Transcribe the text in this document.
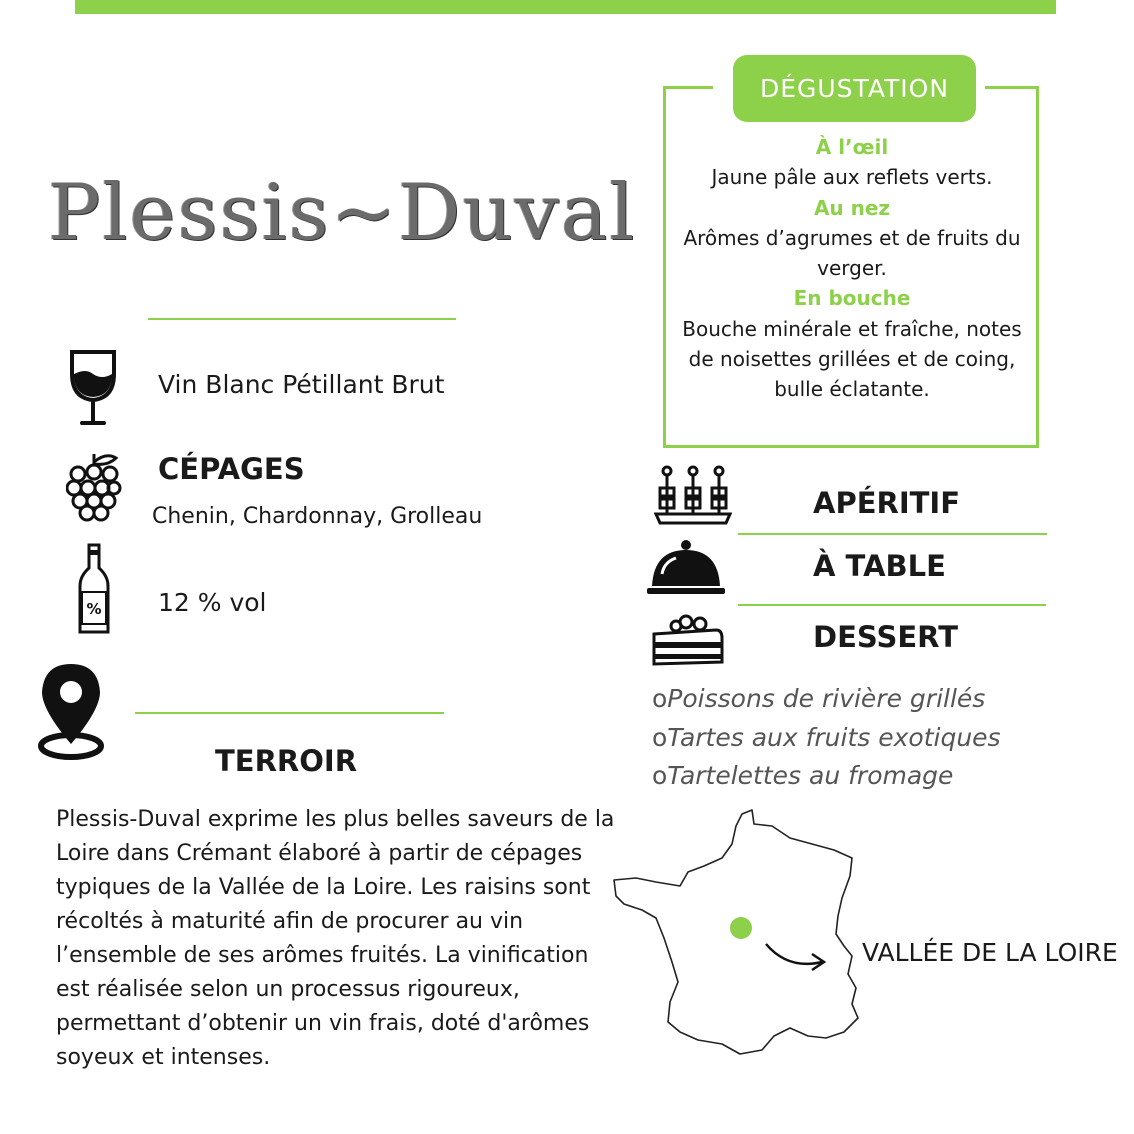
Plessis~Duval
Vin Blanc Pétillant Brut
CÉPAGES
Chenin, Chardonnay, Grolleau
% 12 % vol
TERROIR
Plessis-Duval exprime les plus belles saveurs de la Loire dans Crémant élaboré à partir de cépages typiques de la Vallée de la Loire. Les raisins sont récoltés à maturité afin de procurer au vin l’ensemble de ses arômes fruités. La vinification est réalisée selon un processus rigoureux, permettant d’obtenir un vin frais, doté d'arômes soyeux et intenses.
DÉGUSTATION
À l’œil
Jaune pâle aux reflets verts.
Au nez
Arômes d’agrumes et de fruits du verger.
En bouche
Bouche minérale et fraîche, notes de noisettes grillées et de coing, bulle éclatante.
APÉRITIF
À TABLE
DESSERT
oPoissons de rivière grillés
oTartes aux fruits exotiques
oTartelettes au fromage
VALLÉE DE LA LOIRE
